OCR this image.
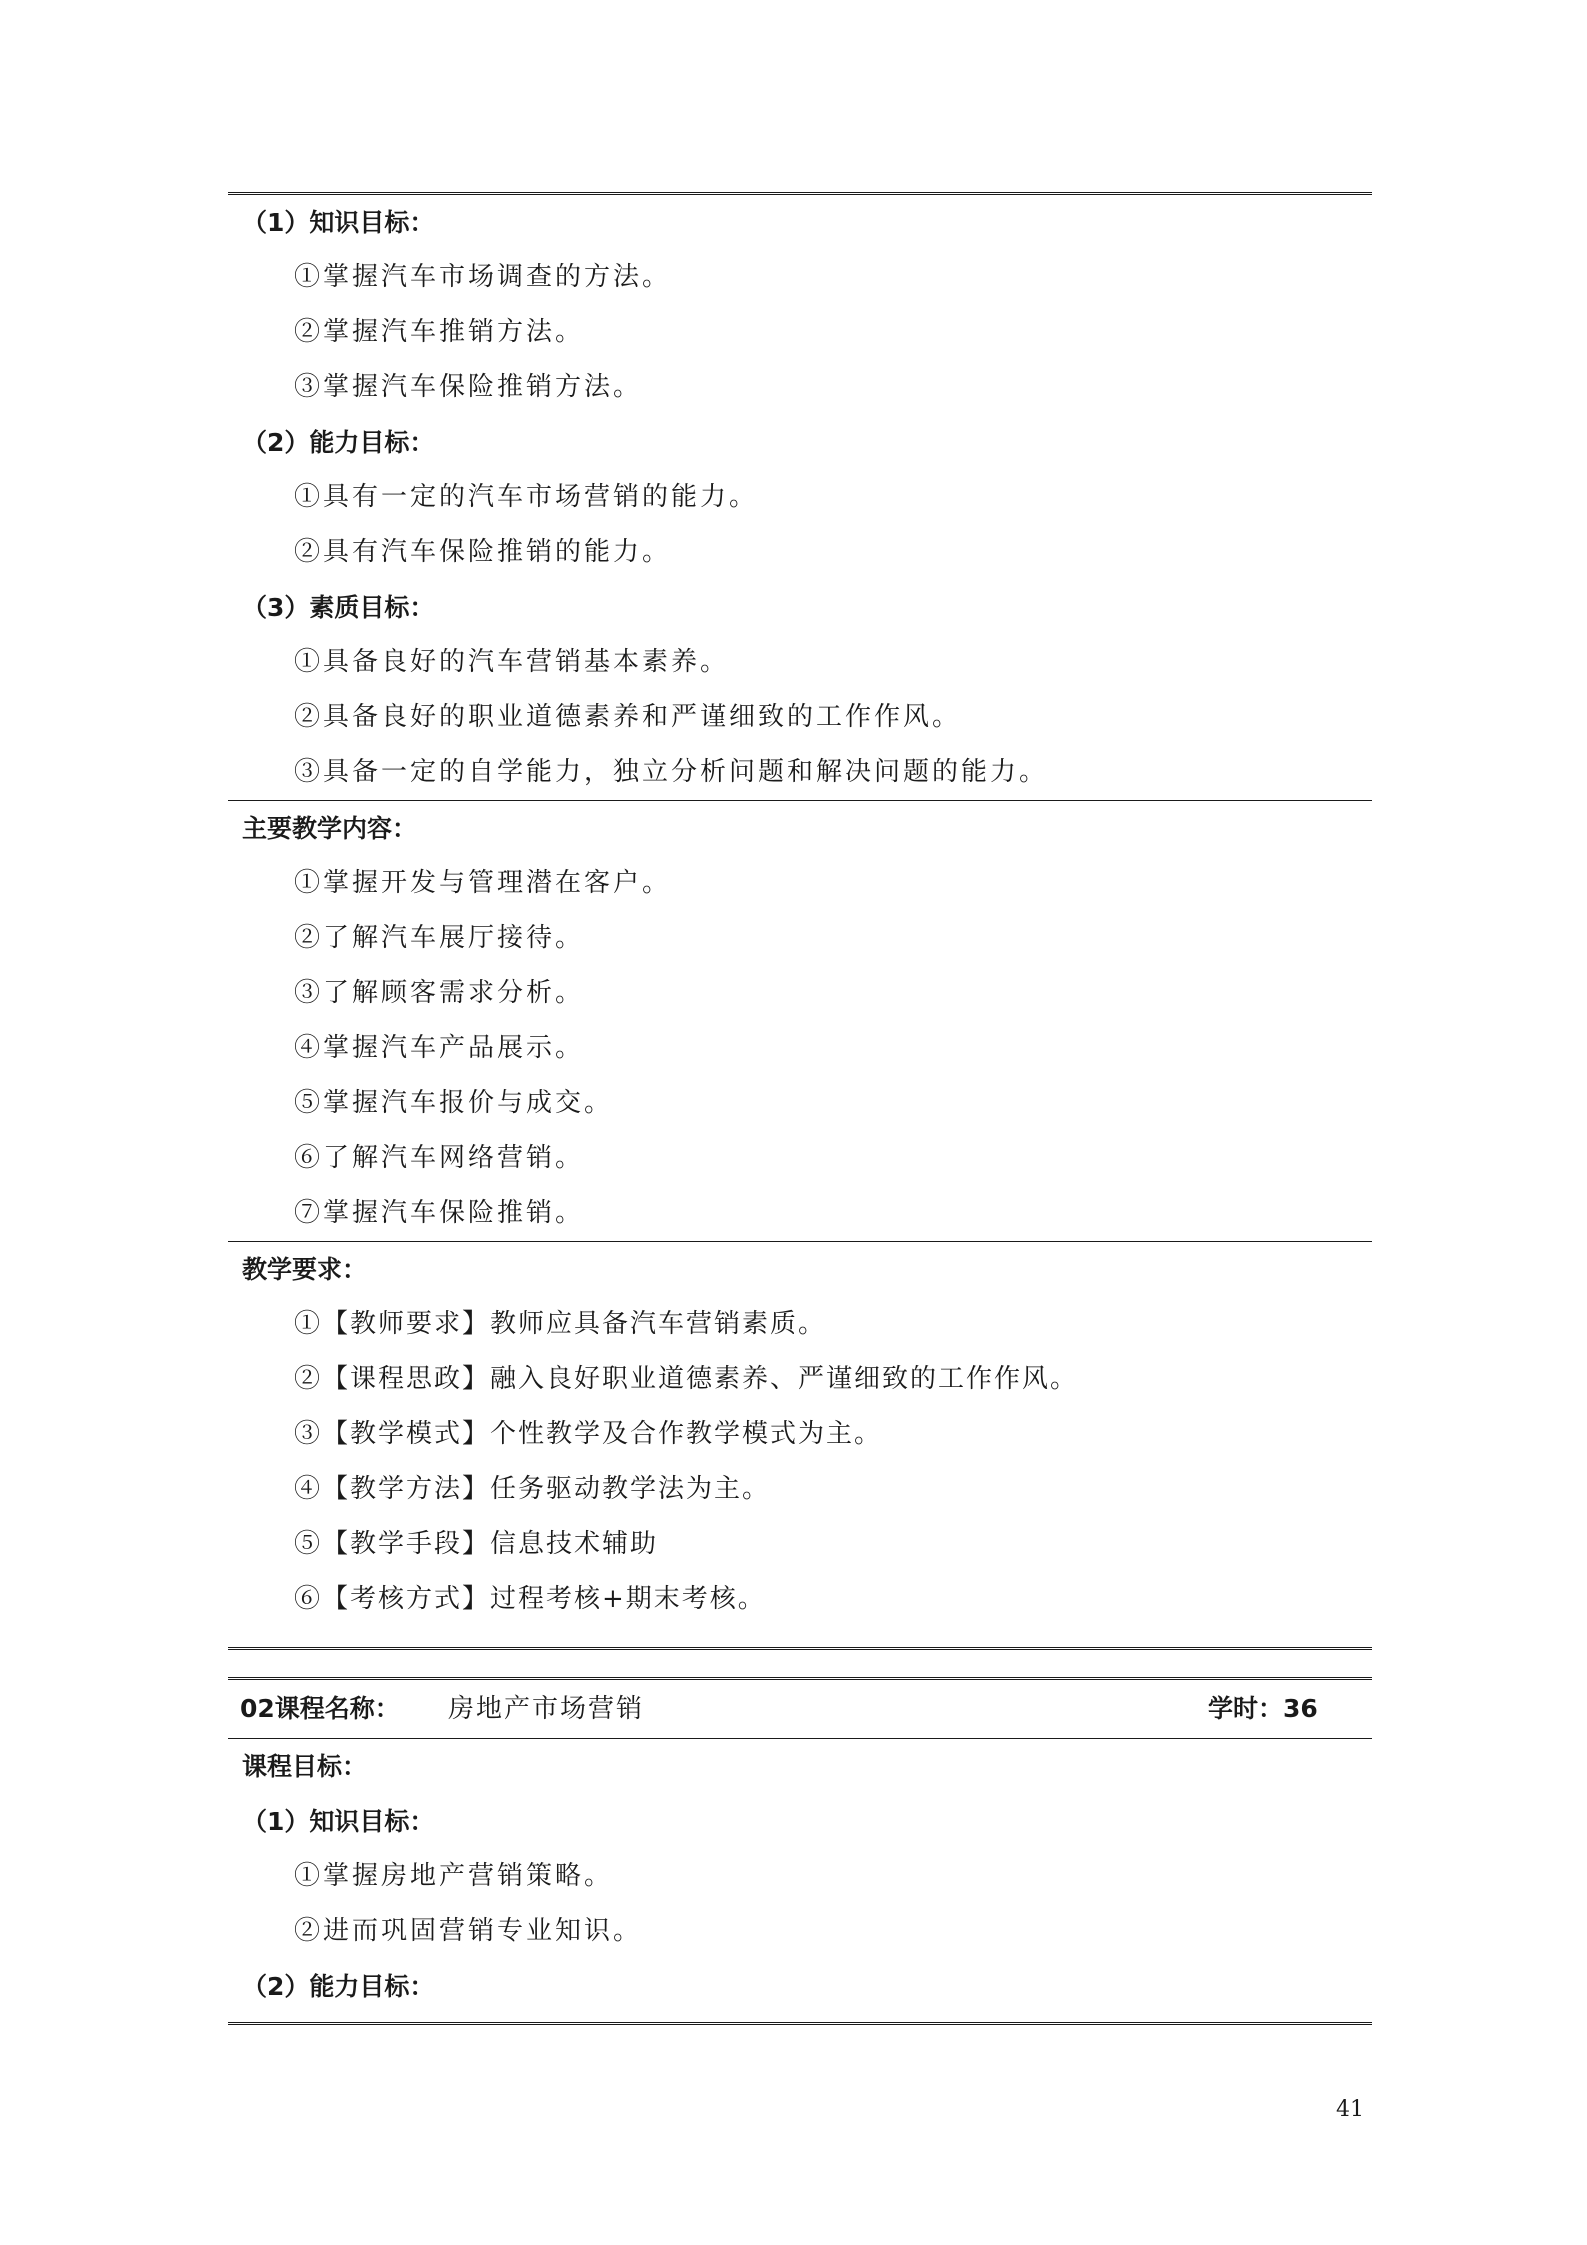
（1）知识目标：
①掌握汽车市场调查的方法。
②掌握汽车推销方法。
③掌握汽车保险推销方法。
（2）能力目标：
①具有一定的汽车市场营销的能力。
②具有汽车保险推销的能力。
（3）素质目标：
①具备良好的汽车营销基本素养。
②具备良好的职业道德素养和严谨细致的工作作风。
③具备一定的自学能力，独立分析问题和解决问题的能力。
主要教学内容：
①掌握开发与管理潜在客户。
②了解汽车展厅接待。
③了解顾客需求分析。
④掌握汽车产品展示。
⑤掌握汽车报价与成交。
⑥了解汽车网络营销。
⑦掌握汽车保险推销。
教学要求：
①【教师要求】教师应具备汽车营销素质。
②【课程思政】融入良好职业道德素养、严谨细致的工作作风。
③【教学模式】个性教学及合作教学模式为主。
④【教学方法】任务驱动教学法为主。
⑤【教学手段】信息技术辅助
⑥【考核方式】过程考核+期末考核。
02课程名称： 房地产市场营销	学时：36
课程目标：
（1）知识目标：
①掌握房地产营销策略。
②进而巩固营销专业知识。
（2）能力目标：
41
